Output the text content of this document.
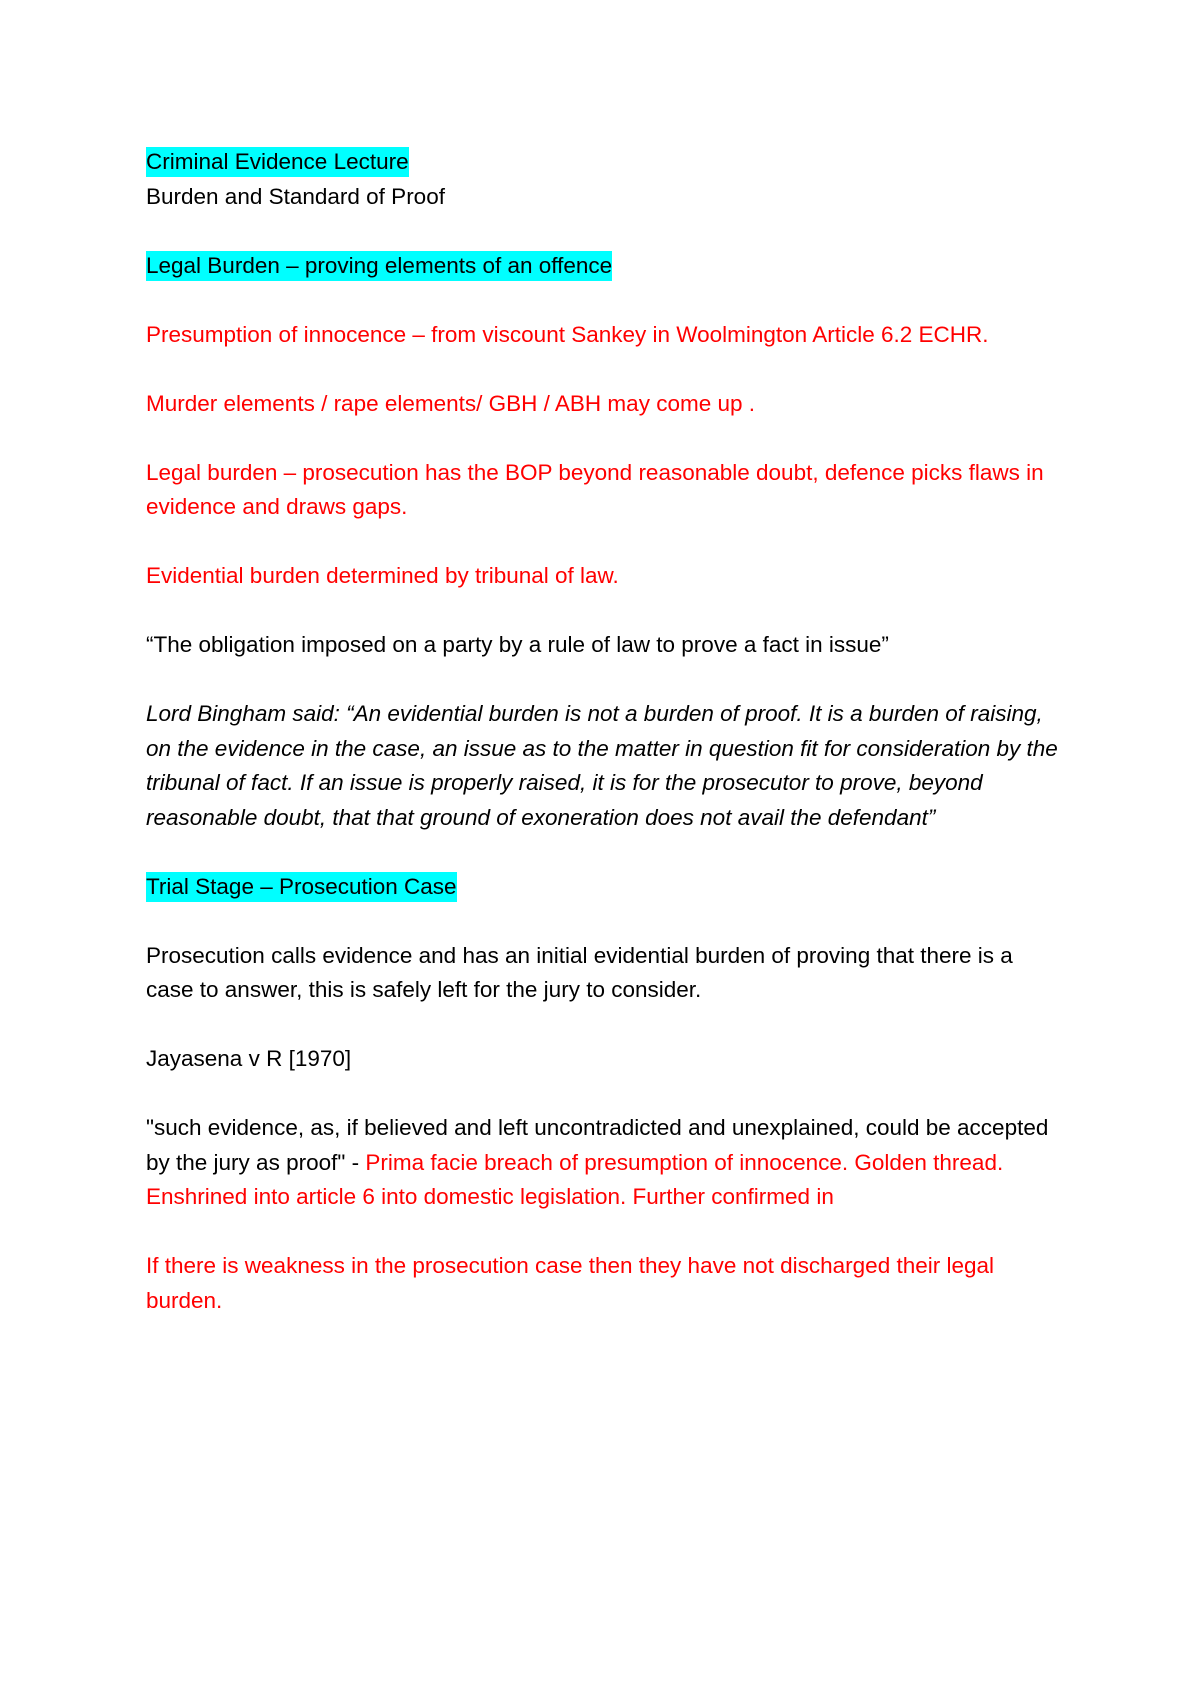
Criminal Evidence Lecture

Burden and Standard of Proof

Legal Burden – proving elements of an offence

Presumption of innocence – from viscount Sankey in Woolmington Article 6.2 ECHR.

Murder elements / rape elements/ GBH / ABH may come up .

Legal burden – prosecution has the BOP beyond reasonable doubt, defence picks flaws in evidence and draws gaps.

Evidential burden determined by tribunal of law.

“The obligation imposed on a party by a rule of law to prove a fact in issue”

Lord Bingham said: “An evidential burden is not a burden of proof. It is a burden of raising, on the evidence in the case, an issue as to the matter in question fit for consideration by the tribunal of fact. If an issue is properly raised, it is for the prosecutor to prove, beyond reasonable doubt, that that ground of exoneration does not avail the defendant”

Trial Stage – Prosecution Case

Prosecution calls evidence and has an initial evidential burden of proving that there is a case to answer, this is safely left for the jury to consider.

Jayasena v R [1970]

"such evidence, as, if believed and left uncontradicted and unexplained, could be accepted by the jury as proof" - Prima facie breach of presumption of innocence. Golden thread. Enshrined into article 6 into domestic legislation. Further confirmed in

If there is weakness in the prosecution case then they have not discharged their legal burden.
